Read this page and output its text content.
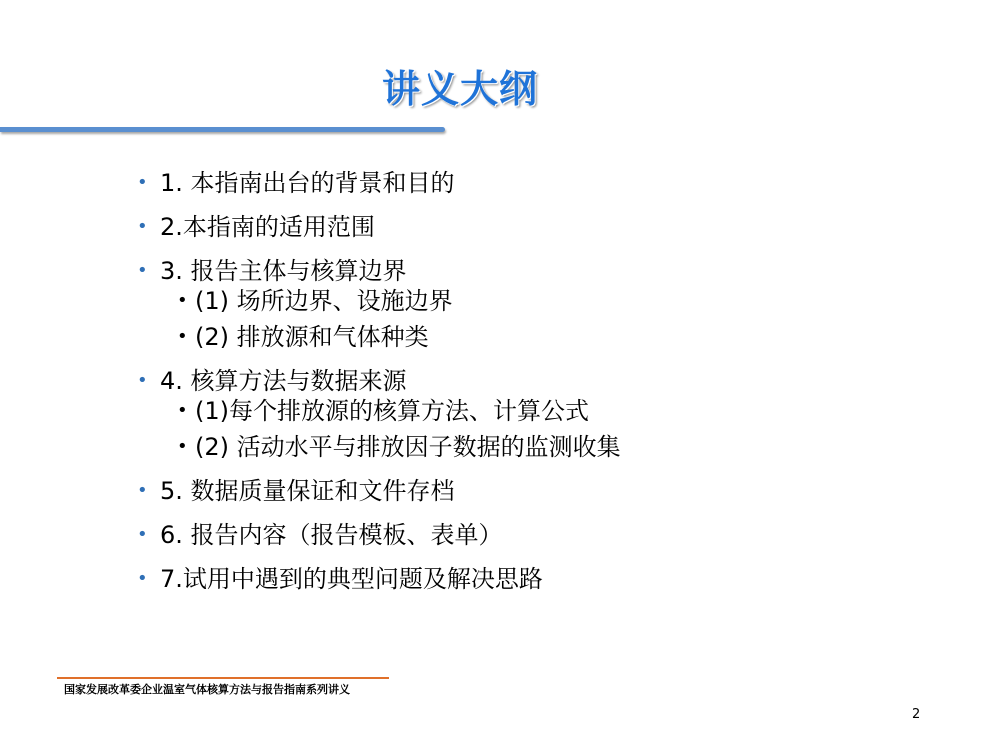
讲义大纲
• 1. 本指南出台的背景和目的
• 2.本指南的适用范围
• 3. 报告主体与核算边界
• (1) 场所边界、设施边界
• (2) 排放源和气体种类
• 4. 核算方法与数据来源
• (1)每个排放源的核算方法、计算公式
• (2) 活动水平与排放因子数据的监测收集
• 5. 数据质量保证和文件存档
• 6. 报告内容（报告模板、表单）
• 7.试用中遇到的典型问题及解决思路
国家发展改革委企业温室气体核算方法与报告指南系列讲义
2
